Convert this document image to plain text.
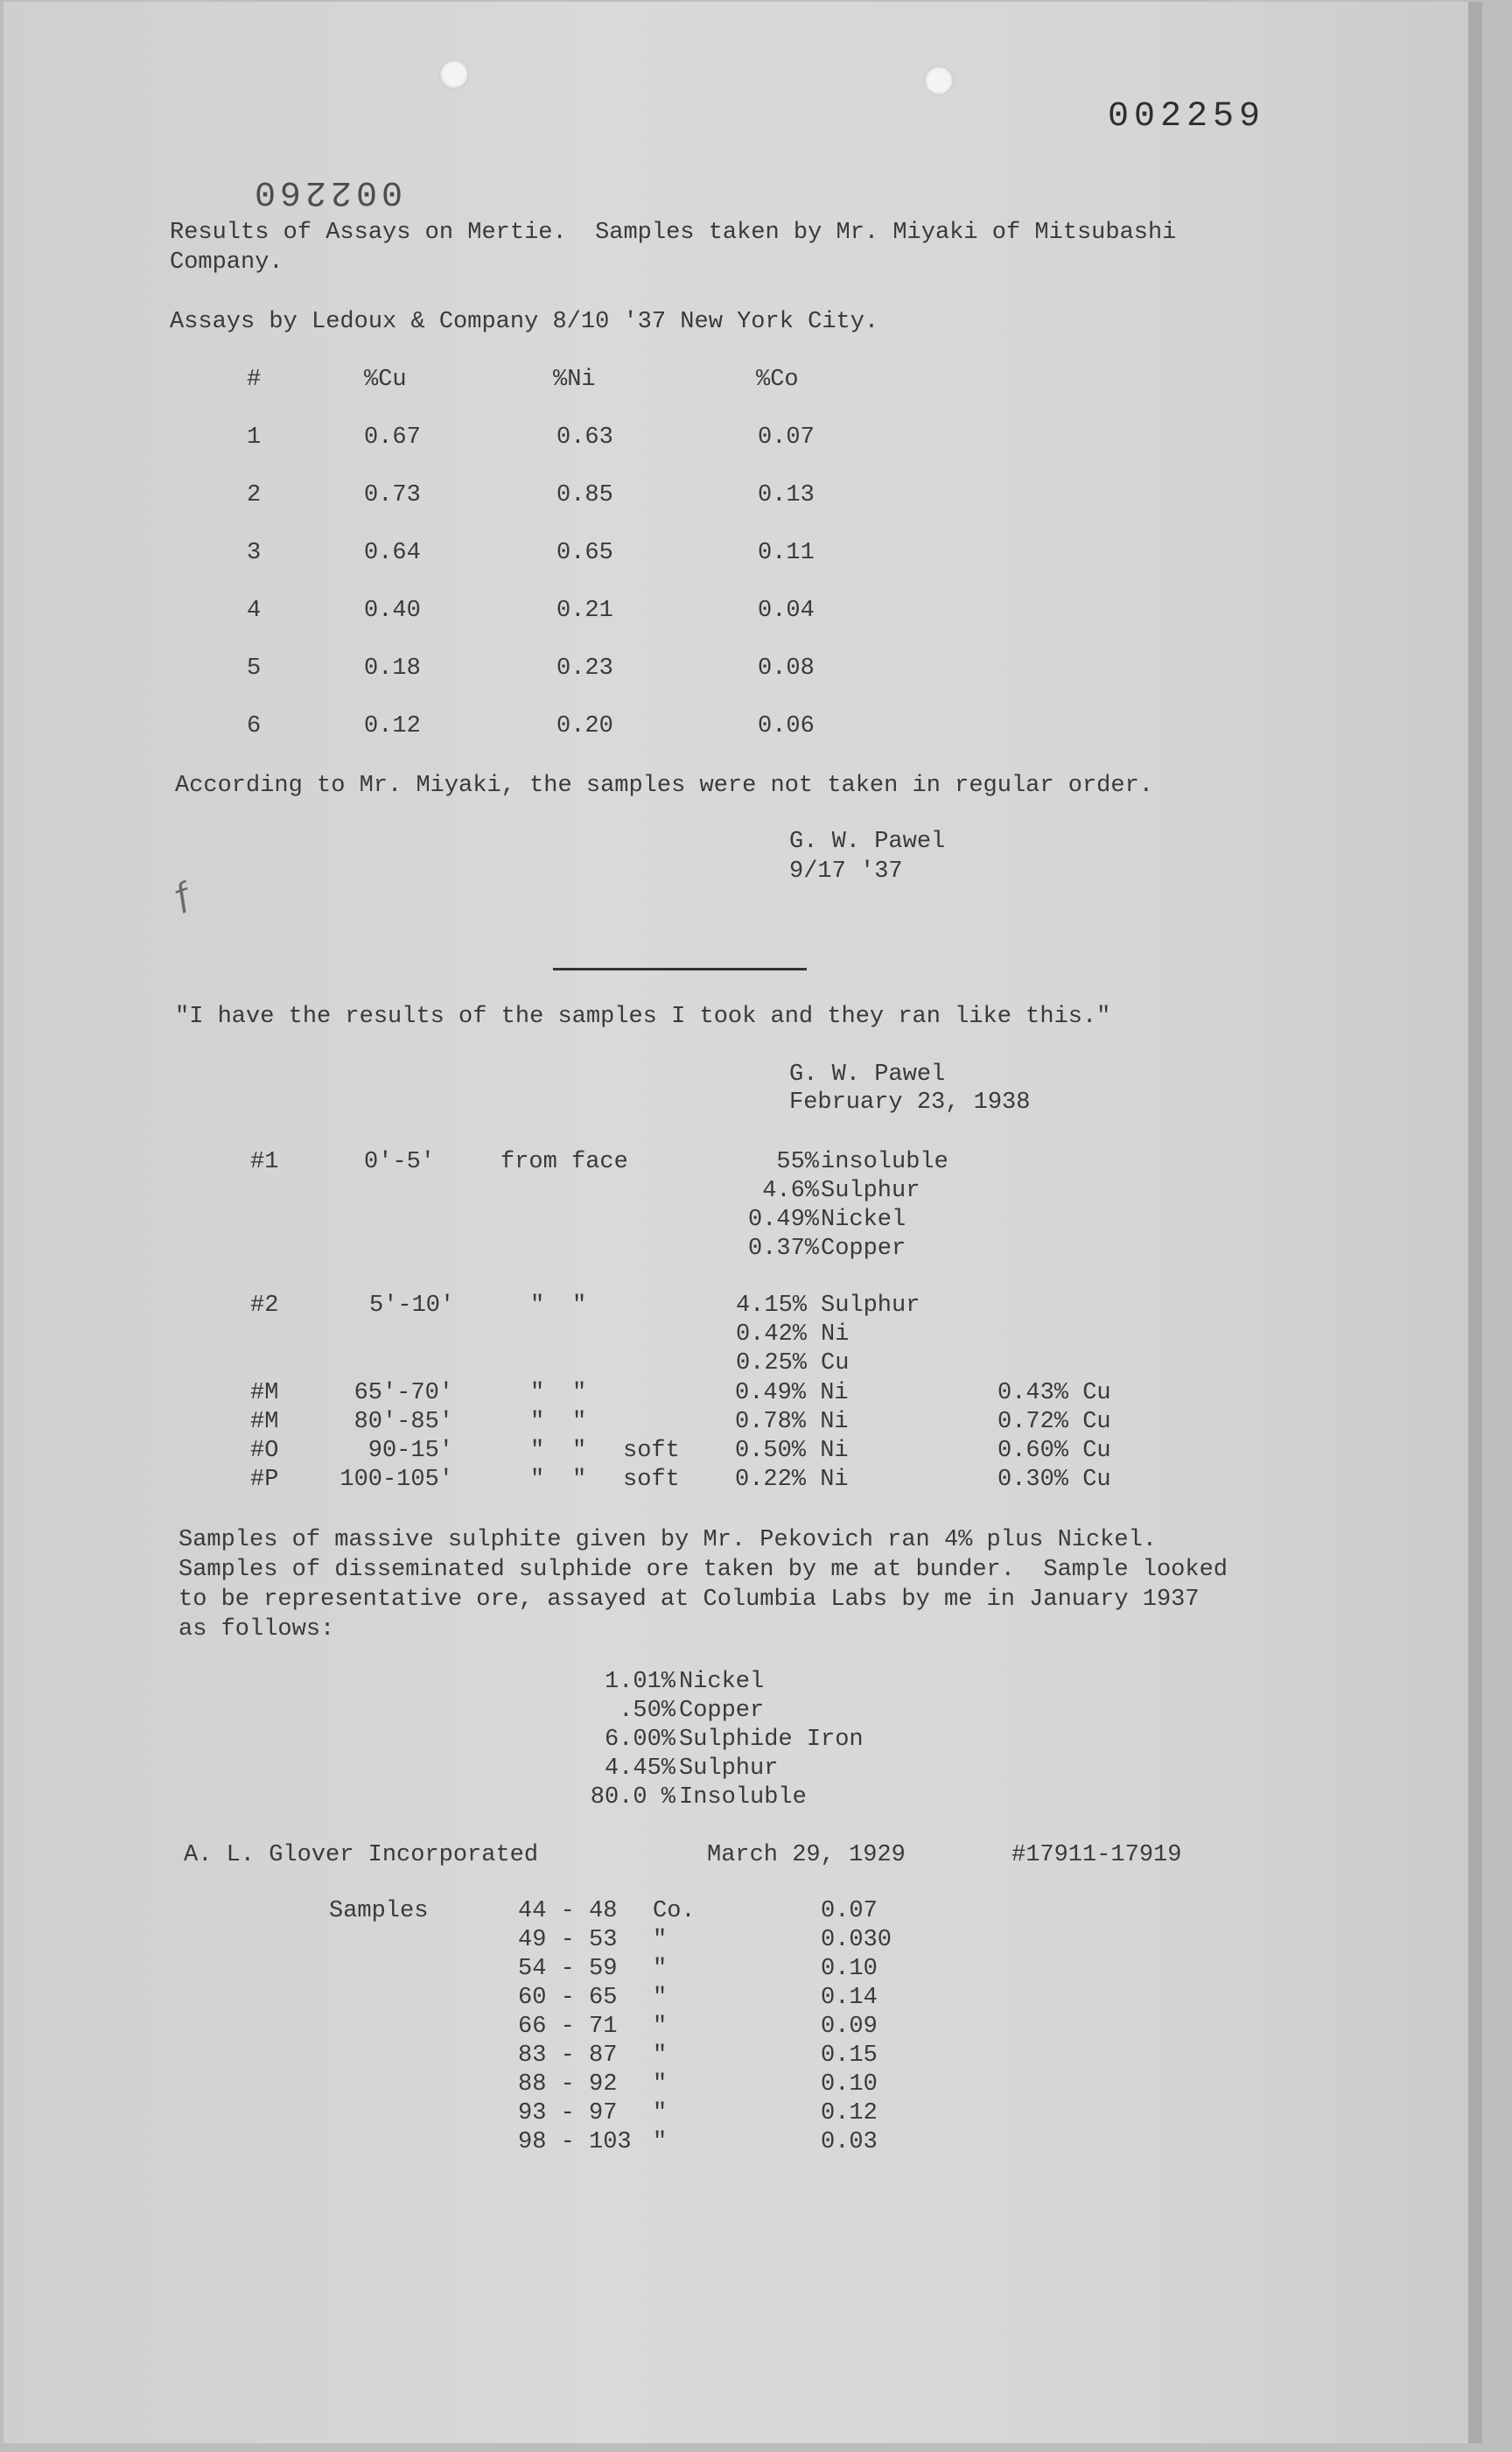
002259
002260
Results of Assays on Mertie.  Samples taken by Mr. Miyaki of Mitsubashi
Company.
Assays by Ledoux & Company 8/10 '37 New York City.
#	%Cu	%Ni	%Co
1	0.67	0.63	0.07
2	0.73	0.85	0.13
3	0.64	0.65	0.11
4	0.40	0.21	0.04
5	0.18	0.23	0.08
6	0.12	0.20	0.06
According to Mr. Miyaki, the samples were not taken in regular order.
G. W. Pawel
9/17 '37
ƒ
"I have the results of the samples I took and they ran like this."
G. W. Pawel
February 23, 1938
#1	0'-5'	from face	55% insoluble
4.6% Sulphur
0.49% Nickel
0.37% Copper
#2	5'-10'	" "	4.15% Sulphur
0.42% Ni
0.25% Cu
#M	65'-70'	" "	0.49% Ni	0.43% Cu
#M	80'-85'	" "	0.78% Ni	0.72% Cu
#O	90-15'	" " soft 0.50% Ni	0.60% Cu
#P	100-105'	" " soft 0.22% Ni	0.30% Cu
Samples of massive sulphite given by Mr. Pekovich ran 4% plus Nickel.
Samples of disseminated sulphide ore taken by me at bunder.  Sample looked
to be representative ore, assayed at Columbia Labs by me in January 1937
as follows:
1.01% Nickel
.50% Copper
6.00% Sulphide Iron
4.45% Sulphur
80.0 % Insoluble
A. L. Glover Incorporated	March 29, 1929	#17911-17919
Samples	44 - 48 Co.	0.07
49 - 53 "	0.030
54 - 59 "	0.10
60 - 65 "	0.14
66 - 71 "	0.09
83 - 87 "	0.15
88 - 92 "	0.10
93 - 97 "	0.12
98 - 103 "	0.03
